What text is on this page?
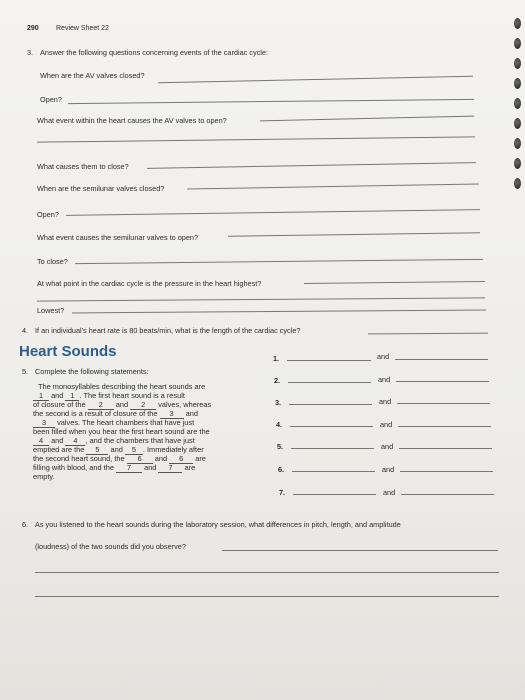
290 Review Sheet 22
3. Answer the following questions concerning events of the cardiac cycle:
When are the AV valves closed?
Open?
What event within the heart causes the AV valves to open?
What causes them to close?
When are the semilunar valves closed?
Open?
What event causes the semilunar valves to open?
To close?
At what point in the cardiac cycle is the pressure in the heart highest?
Lowest?
4. If an individual's heart rate is 80 beats/min, what is the length of the cardiac cycle?
Heart Sounds
5. Complete the following statements:
The monosyllables describing the heart sounds are
1 and 1 . The first heart sound is a result
of closure of the 2 and 2 valves, whereas
the second is a result of closure of the 3 and
3 valves. The heart chambers that have just
been filled when you hear the first heart sound are the
4 and 4 , and the chambers that have just
emptied are the 5 and 5 . Immediately after
the second heart sound, the 6 and 6 are
filling with blood, and the 7 and 7 are
empty.
1.	and
2.	and
3.	and
4.	and
5.	and
6.	and
7.	and
6. As you listened to the heart sounds during the laboratory session, what differences in pitch, length, and amplitude
(loudness) of the two sounds did you observe?
